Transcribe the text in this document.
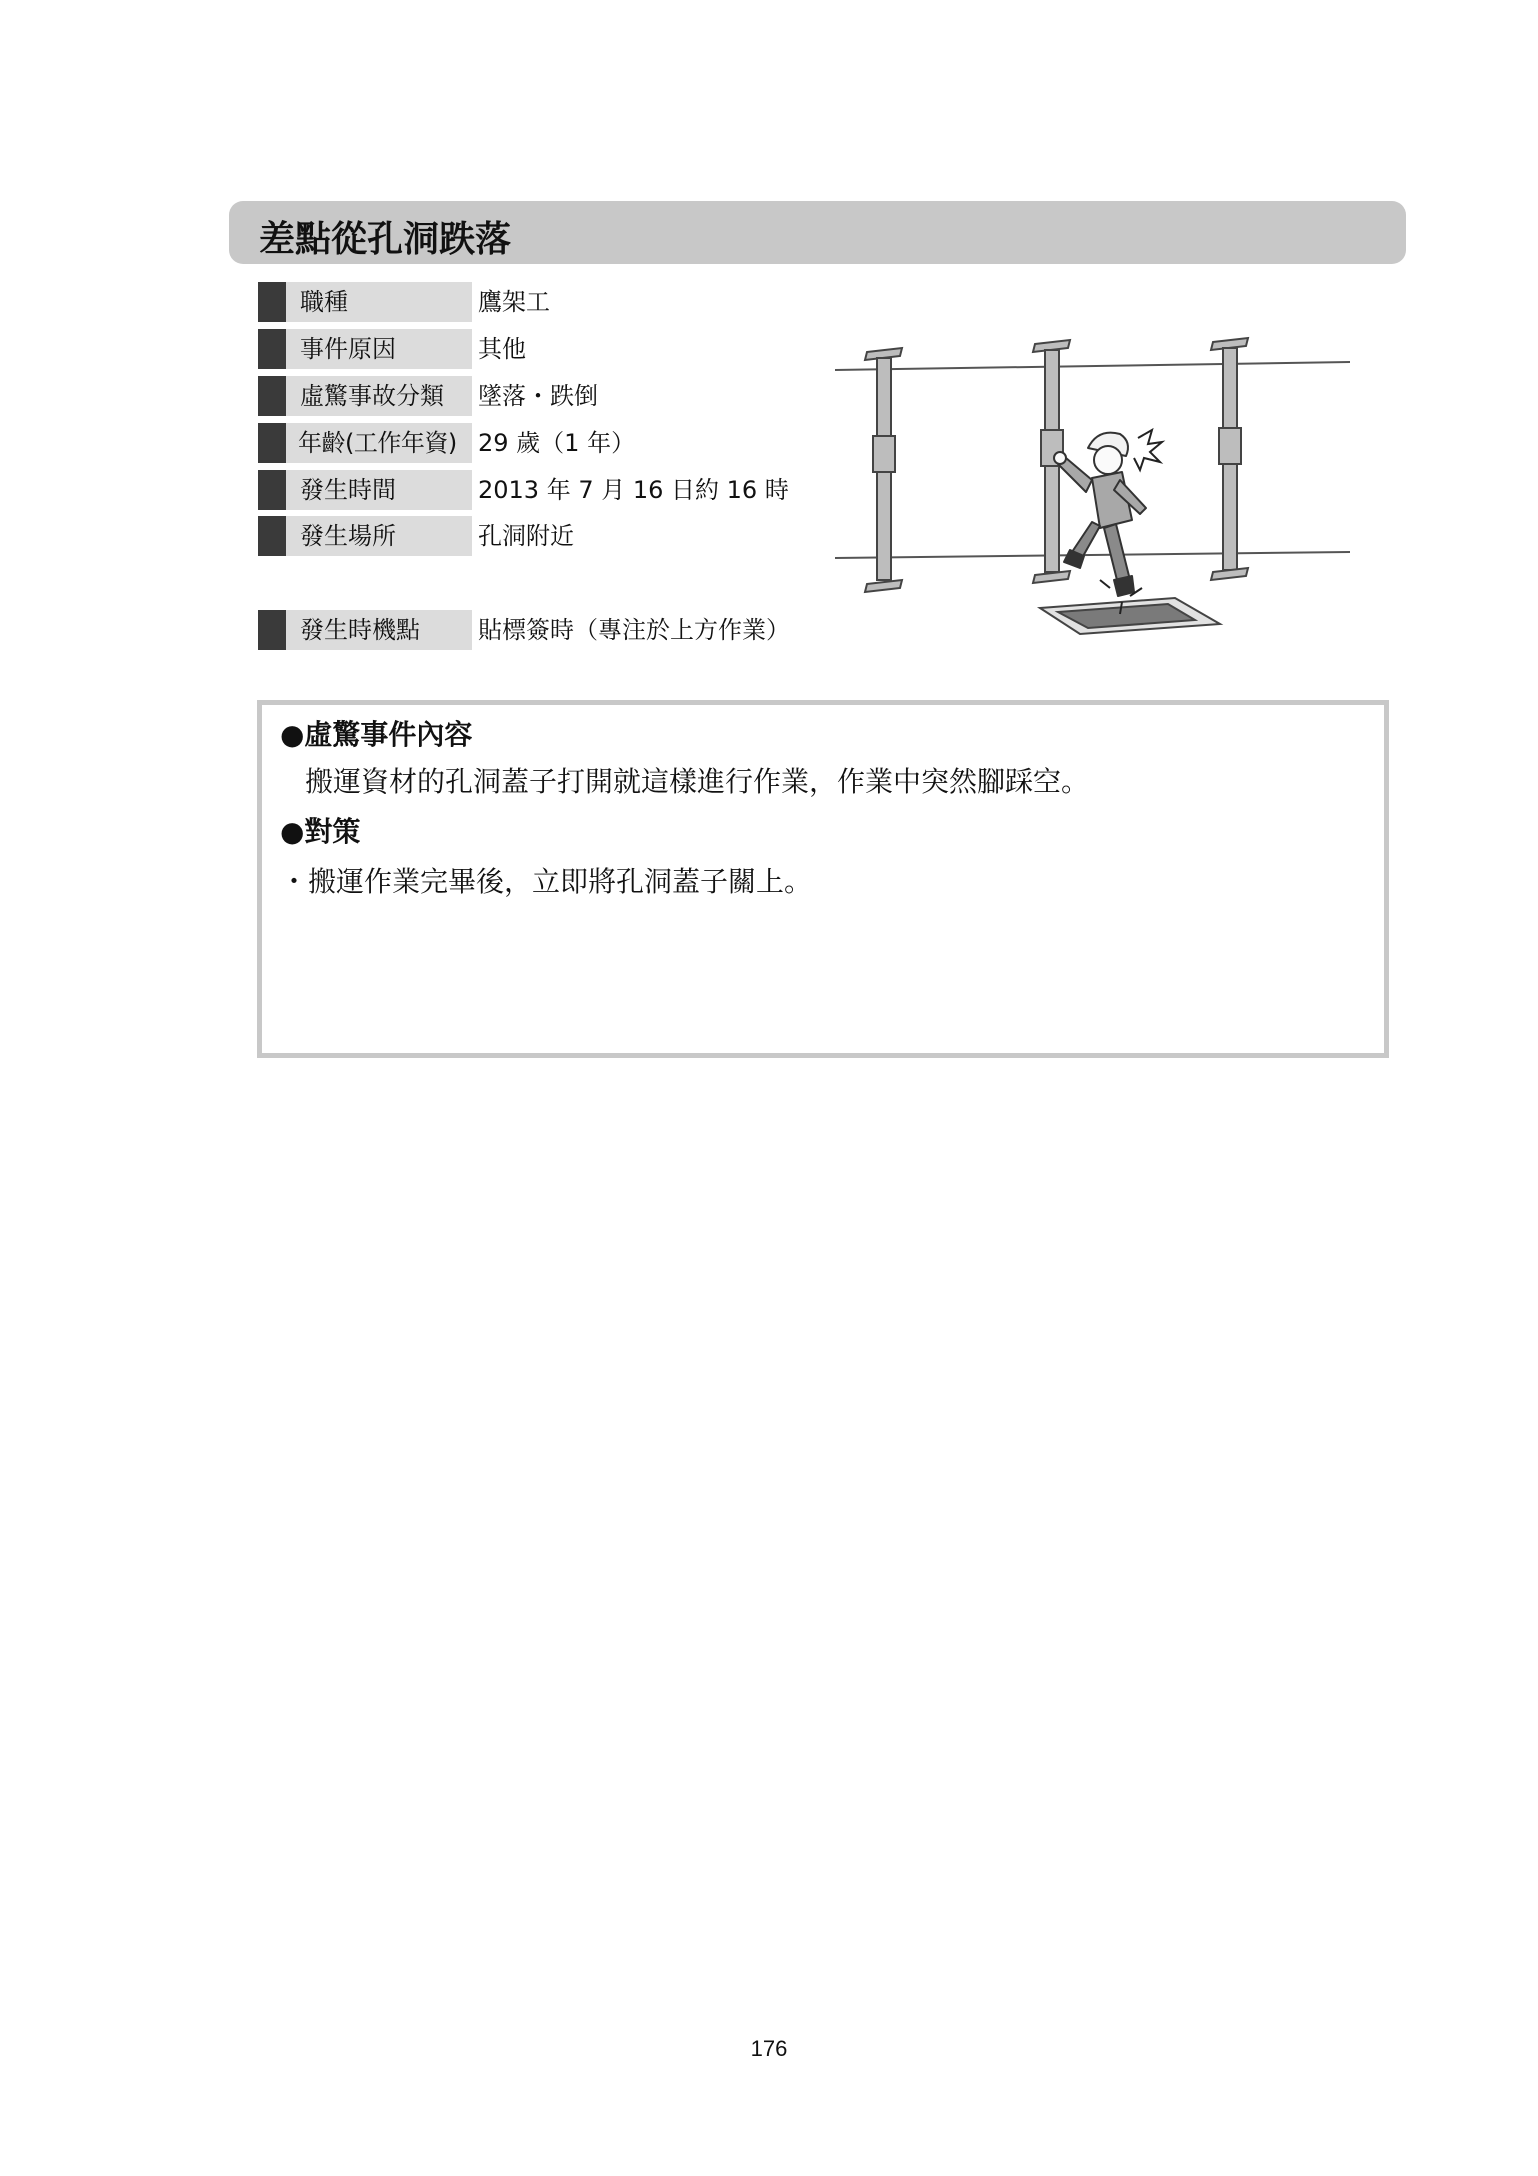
差點從孔洞跌落
職種	鷹架工
事件原因	其他
虛驚事故分類	墜落・跌倒
年齡(工作年資) 29 歲（1 年）
發生時間	2013 年 7 月 16 日約 16 時
發生場所	孔洞附近
發生時機點	貼標簽時（專注於上方作業）
●虛驚事件內容
搬運資材的孔洞蓋子打開就這樣進行作業，作業中突然腳踩空。
●對策
・搬運作業完畢後，立即將孔洞蓋子關上。
176
